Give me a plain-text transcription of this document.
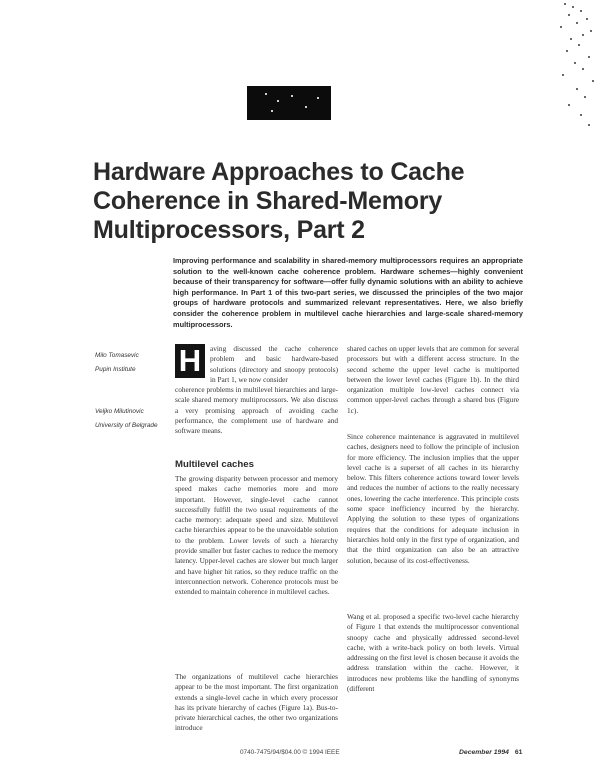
Hardware Approaches to Cache Coherence in Shared-Memory Multiprocessors, Part 2
Improving performance and scalability in shared-memory multiprocessors requires an appropriate solution to the well-known cache coherence problem. Hardware schemes—highly convenient because of their transparency for software—offer fully dynamic solutions with an ability to achieve high performance. In Part 1 of this two-part series, we discussed the principles of the two major groups of hardware protocols and summarized relevant representatives. Here, we also briefly consider the coherence problem in multilevel cache hierarchies and large-scale shared-memory multiprocessors.
Milo Tomasevic
Pupin Institute
Veljko Milutinovic
University of Belgrade
H	aving discussed the cache coherence problem and basic hardware-based solutions (directory and snoopy protocols) in Part 1, we now consider

coherence problems in multilevel hierarchies and large-scale shared memory multiprocessors. We also discuss a very promising approach of avoiding cache performance, the complement use of hardware and software means.

Multilevel caches

The growing disparity between processor and memory speed makes cache memories more and more important. However, single-level cache cannot successfully fulfill the two usual requirements of the cache memory: adequate speed and size. Multilevel cache hierarchies appear to be the unavoidable solution to the problem. Lower levels of such a hierarchy provide smaller but faster caches to reduce the memory latency. Upper-level caches are slower but much larger and have higher hit ratios, so they reduce traffic on the interconnection network. Coherence protocols must be extended to maintain coherence in multilevel caches.

The organizations of multilevel cache hierarchies appear to be the most important. The first organization extends a single-level cache in which every processor has its private hierarchy of caches (Figure 1a). Bus-to-private hierarchical caches, the other two organizations introduce

shared caches on upper levels that are common for several processors but with a different access structure. In the second scheme the upper level cache is multiported between the lower level caches (Figure 1b). In the third organization multiple low-level caches connect via common upper-level caches through a shared bus (Figure 1c).

Since coherence maintenance is aggravated in multilevel caches, designers need to follow the principle of inclusion for more efficiency. The inclusion implies that the upper level cache is a superset of all caches in its hierarchy below. This filters coherence actions toward lower levels and reduces the number of actions to the really necessary ones, lowering the cache interference. This principle costs some space inefficiency incurred by the hierarchy. Applying the solution to these types of organizations requires that the conditions for adequate inclusion in hierarchies hold only in the first type of organization, and that the third organization can also be an attractive solution, because of its cost-effectiveness.

Wang et al. proposed a specific two-level cache hierarchy of Figure 1 that extends the multiprocessor conventional snoopy cache and physically addressed second-level cache, with a write-back policy on both levels. Virtual addressing on the first level is chosen because it avoids the address translation within the cache. However, it introduces new problems like the handling of synonyms (different

0740-7475/94/$04.00 © 1994 IEEE	December 1994 61
